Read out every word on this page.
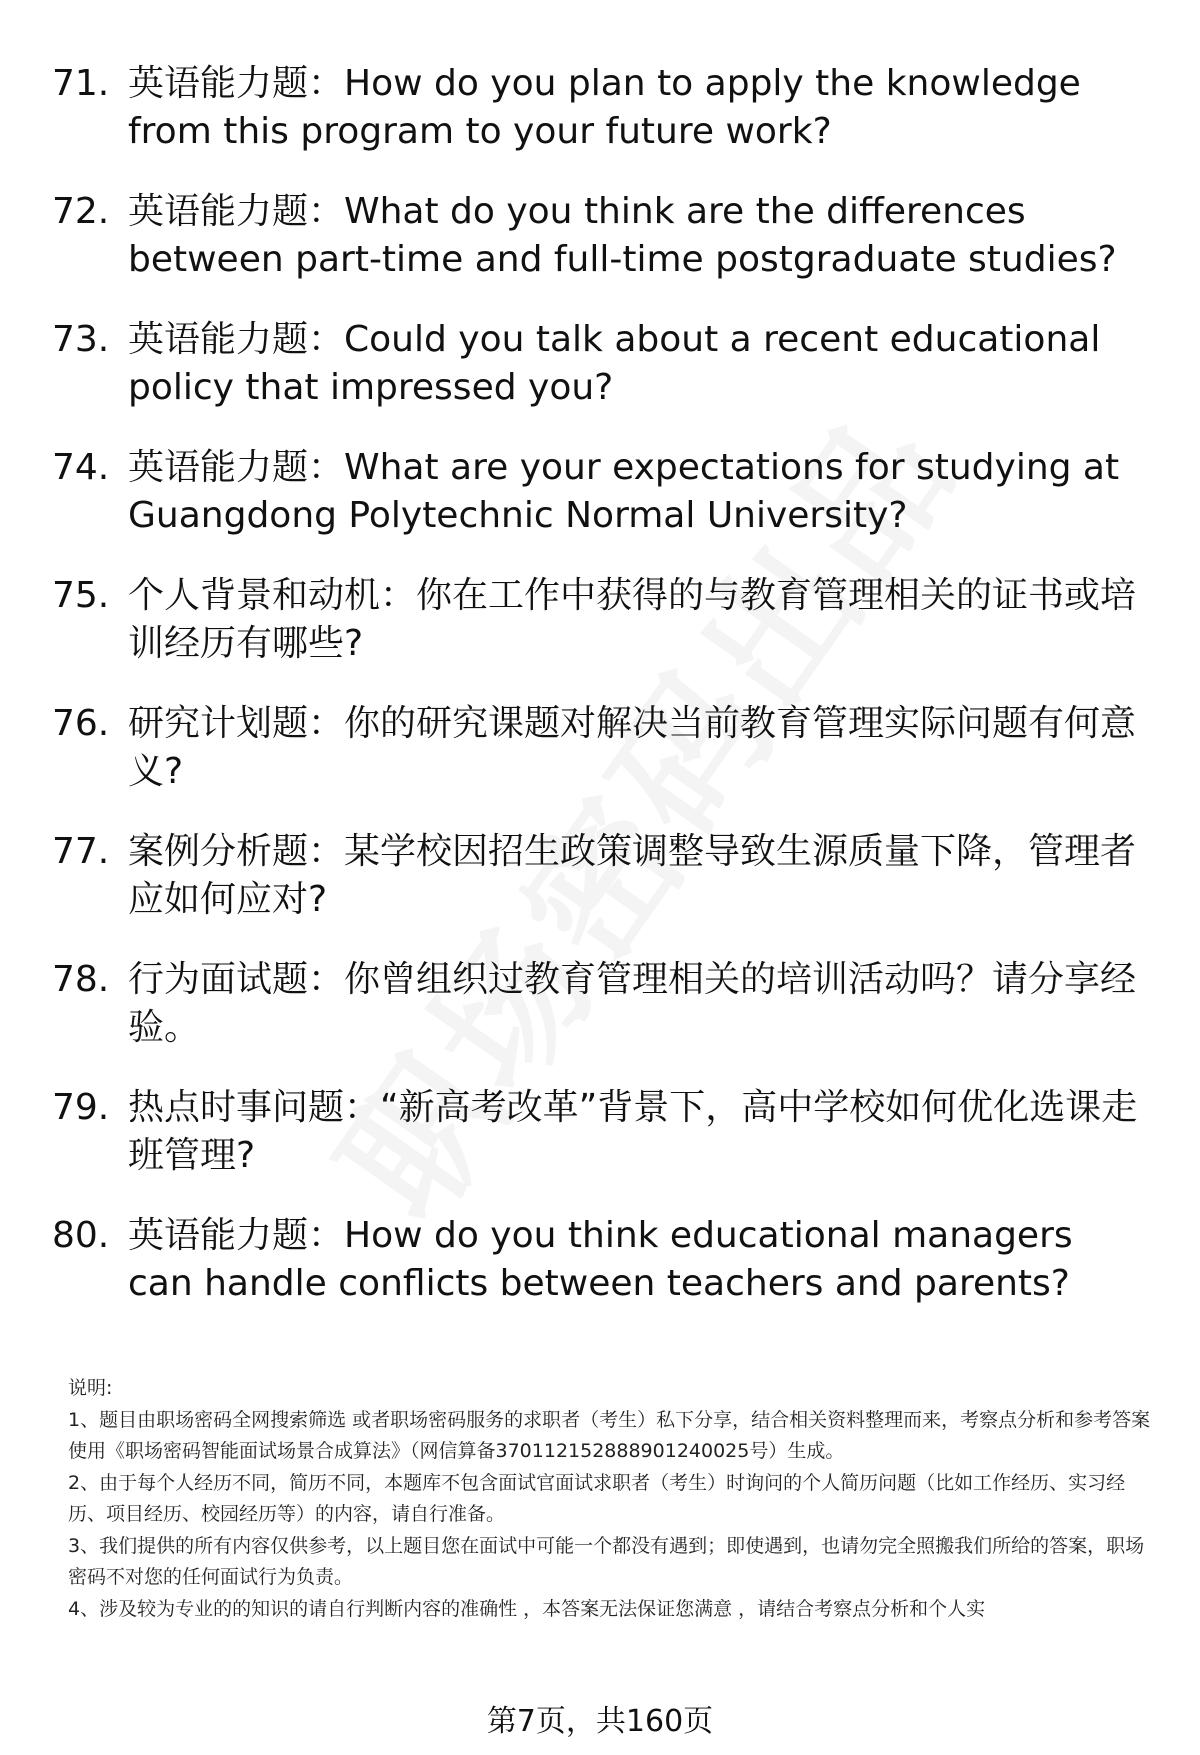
71. 英语能力题：How do you plan to apply the knowledge from this program to your future work?
72. 英语能力题：What do you think are the differences between part-time and full-time postgraduate studies?
73. 英语能力题：Could you talk about a recent educational policy that impressed you?
74. 英语能力题：What are your expectations for studying at Guangdong Polytechnic Normal University?
75. 个人背景和动机：你在工作中获得的与教育管理相关的证书或培训经历有哪些?
76. 研究计划题：你的研究课题对解决当前教育管理实际问题有何意义?
77. 案例分析题：某学校因招生政策调整导致生源质量下降，管理者应如何应对?
78. 行为面试题：你曾组织过教育管理相关的培训活动吗？请分享经验。
79. 热点时事问题：“新高考改革”背景下，高中学校如何优化选课走班管理?
80. 英语能力题：How do you think educational managers can handle conflicts between teachers and parents?

说明:

1、题目由职场密码全网搜索筛选 或者职场密码服务的求职者（考生）私下分享，结合相关资料整理而来，考察点分析和参考答案使用《职场密码智能面试场景合成算法》（网信算备370112152888901240025号）生成。

2、由于每个人经历不同，简历不同，本题库不包含面试官面试求职者（考生）时询问的个人简历问题（比如工作经历、实习经历、项目经历、校园经历等）的内容，请自行准备。

3、我们提供的所有内容仅供参考，以上题目您在面试中可能一个都没有遇到；即使遇到，也请勿完全照搬我们所给的答案，职场密码不对您的任何面试行为负责。

4、涉及较为专业的的知识的请自行判断内容的准确性 ，本答案无法保证您满意 ，请结合考察点分析和个人实

第7页，共160页
